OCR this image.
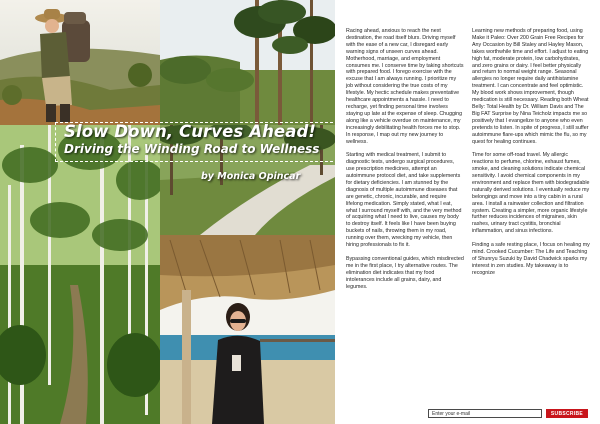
Slow Down, Curves Ahead!
Driving the Winding Road to Wellness
by Monica Opincar

Racing ahead, anxious to reach the next destination, the road itself blurs. Driving myself with the ease of a new car, I disregard early warning signs of unseen curves ahead. Motherhood, marriage, and employment consumes me. I conserve time by taking shortcuts with prepared food. I forego exercise with the excuse that I am always running. I prioritize my job without considering the true costs of my lifestyle. My hectic schedule makes preventative healthcare appointments a hassle. I need to recharge, yet finding personal time involves staying up late at the expense of sleep. Chugging along like a vehicle overdue on maintenance, my increasingly debilitating health forces me to stop. In response, I map out my new journey to wellness.

Starting with medical treatment, I submit to diagnostic tests, undergo surgical procedures, use prescription medicines, attempt an autoimmune protocol diet, and take supplements for dietary deficiencies. I am stunned by the diagnosis of multiple autoimmune diseases that are genetic, chronic, incurable, and require lifelong medication. Simply stated, what I eat, what I surround myself with, and the very method of acquiring what I need to live, causes my body to destroy itself. It feels like I have been buying buckets of nails, throwing them in my road, running over them, wrecking my vehicle, then hiring professionals to fix it.

Bypassing conventional guides, which misdirected me in the first place, I try alternative routes. The elimination diet indicates that my food intolerances include all grains, dairy, and legumes.

Learning new methods of preparing food, using Make it Paleo: Over 200 Grain Free Recipes for Any Occasion by Bill Staley and Hayley Mason, takes worthwhile time and effort. I adjust to eating high fat, moderate protein, low carbohydrates, and zero grains or dairy. I feel better physically and return to normal weight range. Seasonal allergies no longer require daily antihistamine treatment. I can concentrate and feel optimistic. My blood work shows improvement, though medication is still necessary. Reading both Wheat Belly: Total Health by Dr. William Davis and The Big FAT Surprise by Nina Teicholz impacts me so positively that I evangelize to anyone who even pretends to listen. In spite of progress, I still suffer autoimmune flare-ups which mimic the flu, so my quest for healing continues.

Time for some off-road travel. My allergic reactions to perfume, chlorine, exhaust fumes, smoke, and cleaning solutions indicate chemical sensitivity. I avoid chemical components in my environment and replace them with biodegradable naturally derived solutions. I eventually reduce my belongings and move into a tiny cabin in a rural area. I install a rainwater collection and filtration system. Creating a simpler, more organic lifestyle further reduces incidences of migraines, skin rashes, urinary tract cystitis, bronchial inflammation, and sinus infections.

Finding a safe resting place, I focus on healing my mind. Crooked Cucumber: The Life and Teaching of Shunryu Suzuki by David Chadwick sparks my interest in zen studies. My takeaway is to recognize

Enter your e-mail
SUBSCRIBE
